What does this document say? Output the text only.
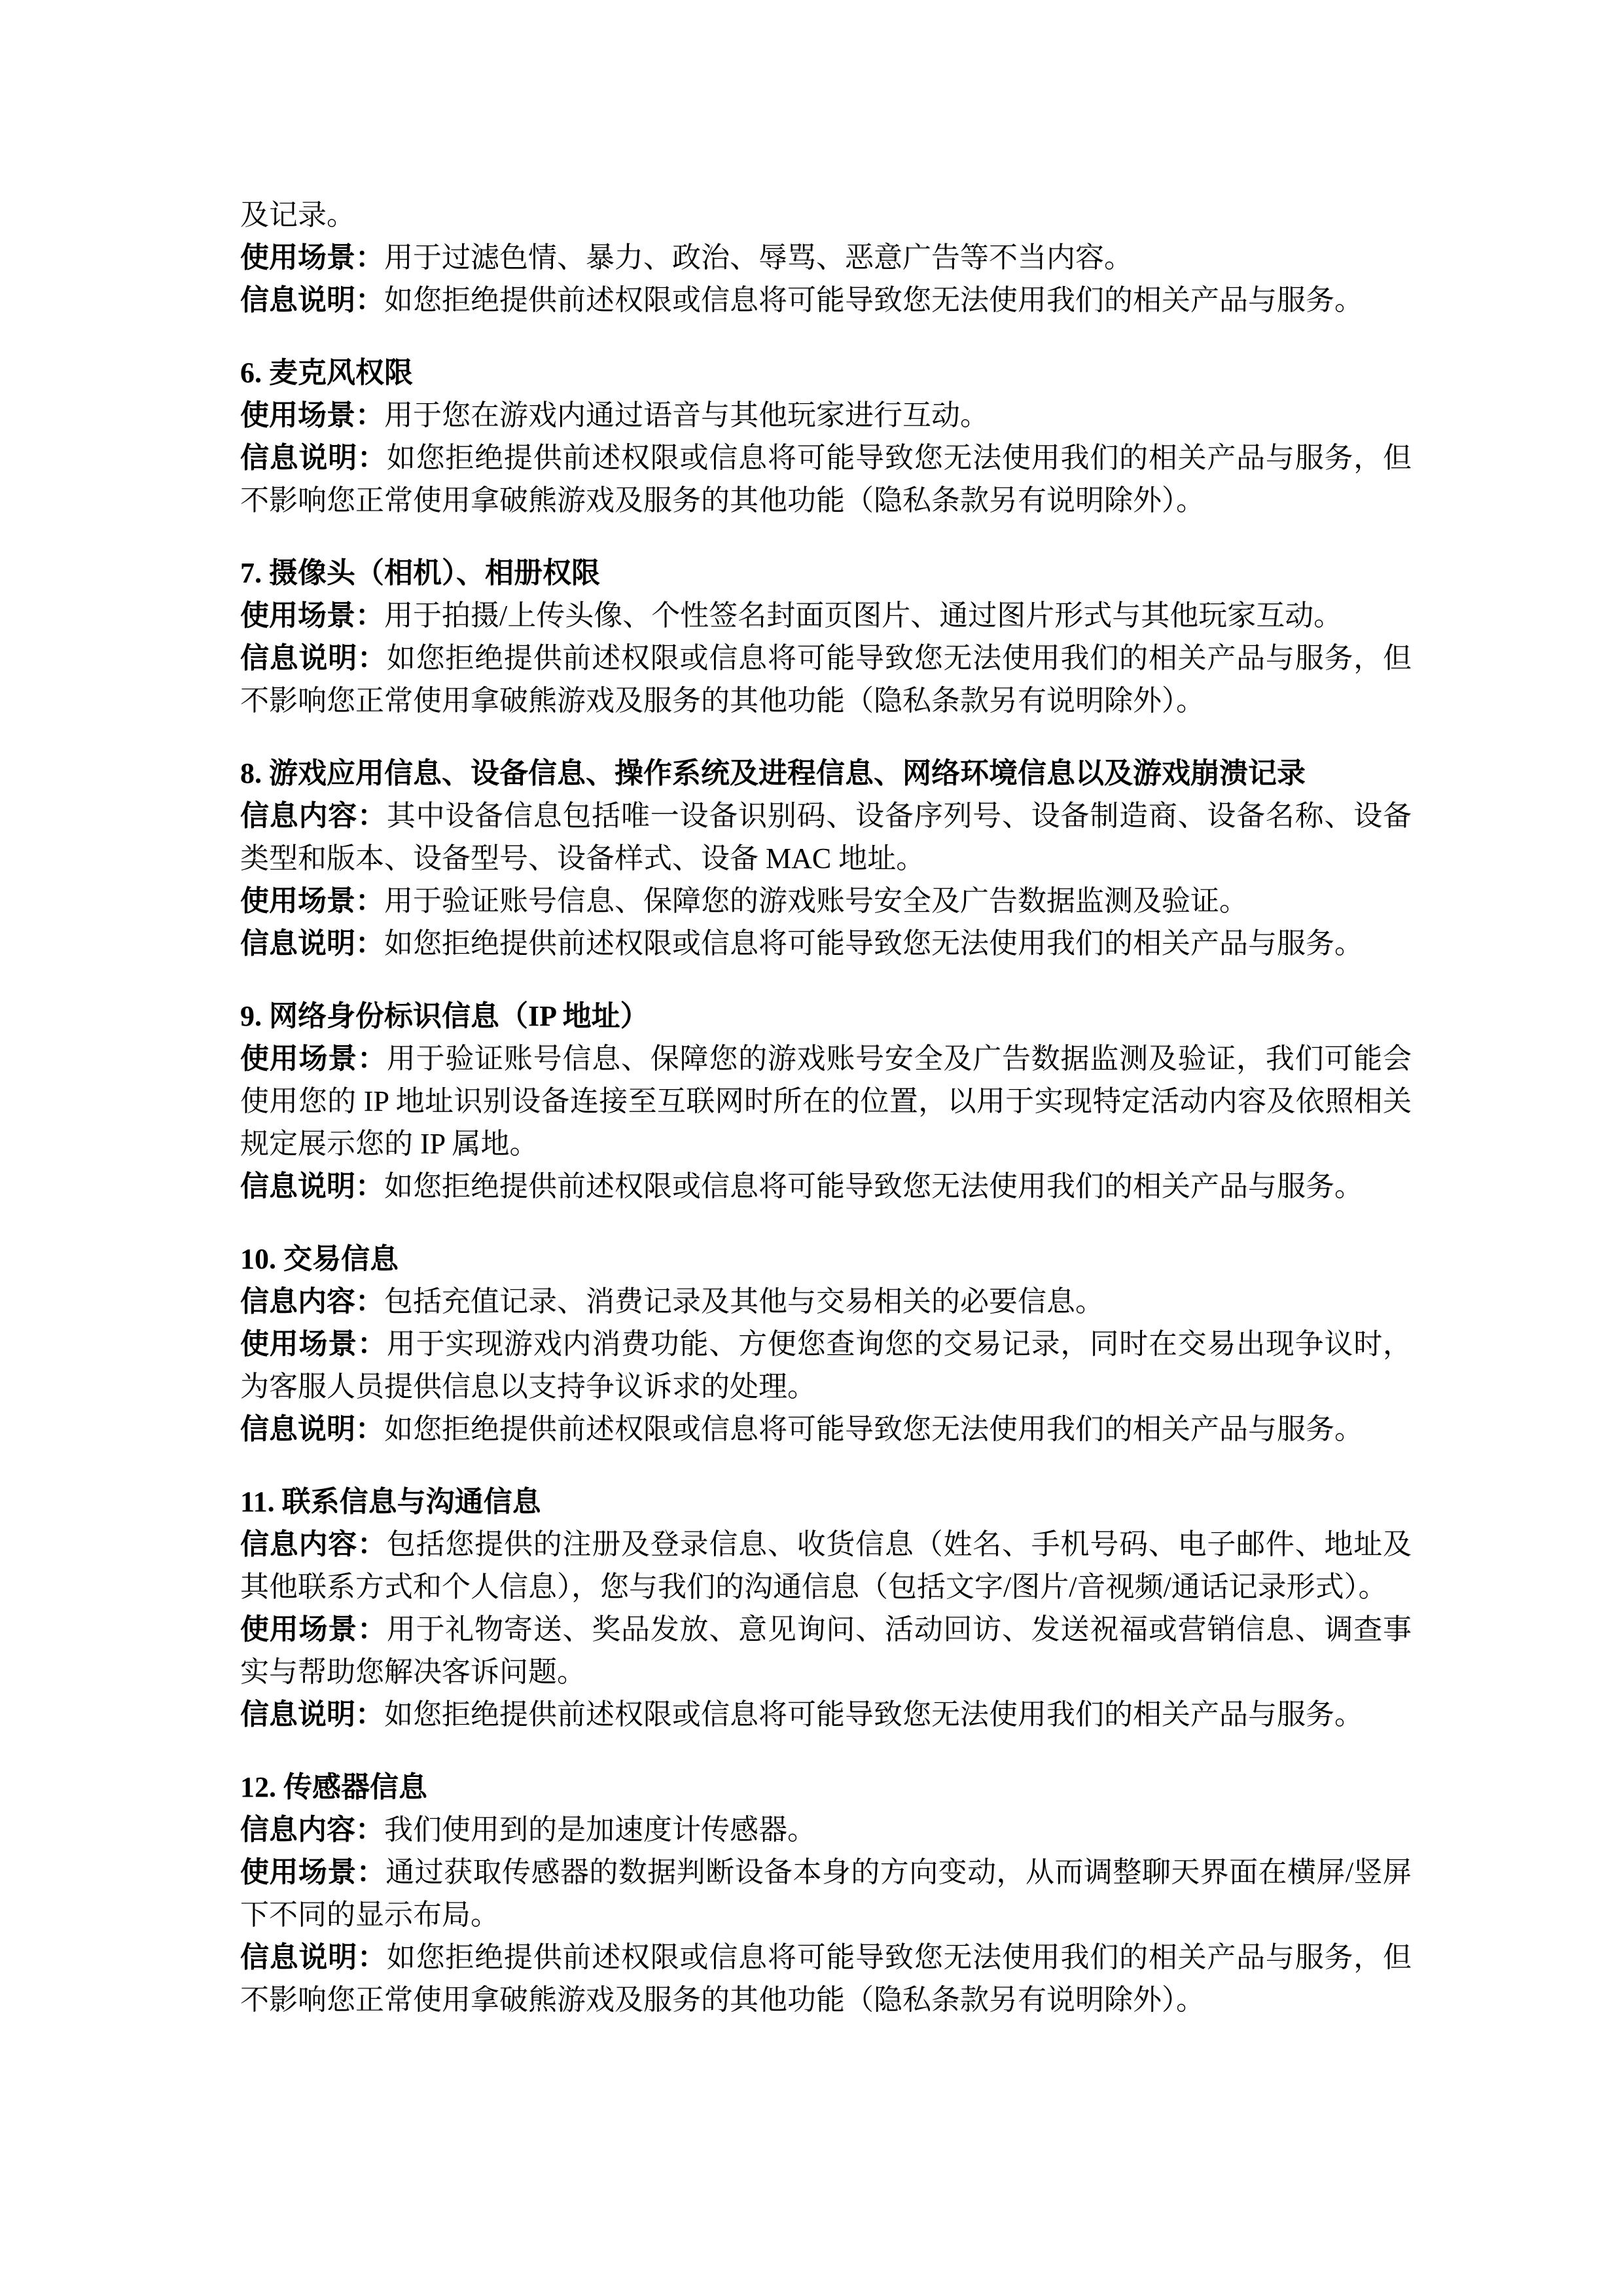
及记录。

使用场景：用于过滤色情、暴力、政治、辱骂、恶意广告等不当内容。

信息说明：如您拒绝提供前述权限或信息将可能导致您无法使用我们的相关产品与服务。

6. 麦克风权限

使用场景：用于您在游戏内通过语音与其他玩家进行互动。

信息说明：如您拒绝提供前述权限或信息将可能导致您无法使用我们的相关产品与服务，但不影响您正常使用拿破熊游戏及服务的其他功能（隐私条款另有说明除外）。

7. 摄像头（相机）、相册权限

使用场景：用于拍摄/上传头像、个性签名封面页图片、通过图片形式与其他玩家互动。

信息说明：如您拒绝提供前述权限或信息将可能导致您无法使用我们的相关产品与服务，但不影响您正常使用拿破熊游戏及服务的其他功能（隐私条款另有说明除外）。

8. 游戏应用信息、设备信息、操作系统及进程信息、网络环境信息以及游戏崩溃记录

信息内容：其中设备信息包括唯一设备识别码、设备序列号、设备制造商、设备名称、设备类型和版本、设备型号、设备样式、设备 MAC 地址。

使用场景：用于验证账号信息、保障您的游戏账号安全及广告数据监测及验证。

信息说明：如您拒绝提供前述权限或信息将可能导致您无法使用我们的相关产品与服务。

9. 网络身份标识信息（IP 地址）

使用场景：用于验证账号信息、保障您的游戏账号安全及广告数据监测及验证，我们可能会使用您的 IP 地址识别设备连接至互联网时所在的位置，以用于实现特定活动内容及依照相关规定展示您的 IP 属地。

信息说明：如您拒绝提供前述权限或信息将可能导致您无法使用我们的相关产品与服务。

10. 交易信息

信息内容：包括充值记录、消费记录及其他与交易相关的必要信息。

使用场景：用于实现游戏内消费功能、方便您查询您的交易记录，同时在交易出现争议时，为客服人员提供信息以支持争议诉求的处理。

信息说明：如您拒绝提供前述权限或信息将可能导致您无法使用我们的相关产品与服务。

11. 联系信息与沟通信息

信息内容：包括您提供的注册及登录信息、收货信息（姓名、手机号码、电子邮件、地址及其他联系方式和个人信息），您与我们的沟通信息（包括文字/图片/音视频/通话记录形式）。

使用场景：用于礼物寄送、奖品发放、意见询问、活动回访、发送祝福或营销信息、调查事实与帮助您解决客诉问题。

信息说明：如您拒绝提供前述权限或信息将可能导致您无法使用我们的相关产品与服务。

12. 传感器信息

信息内容：我们使用到的是加速度计传感器。

使用场景：通过获取传感器的数据判断设备本身的方向变动，从而调整聊天界面在横屏/竖屏下不同的显示布局。

信息说明：如您拒绝提供前述权限或信息将可能导致您无法使用我们的相关产品与服务，但不影响您正常使用拿破熊游戏及服务的其他功能（隐私条款另有说明除外）。
